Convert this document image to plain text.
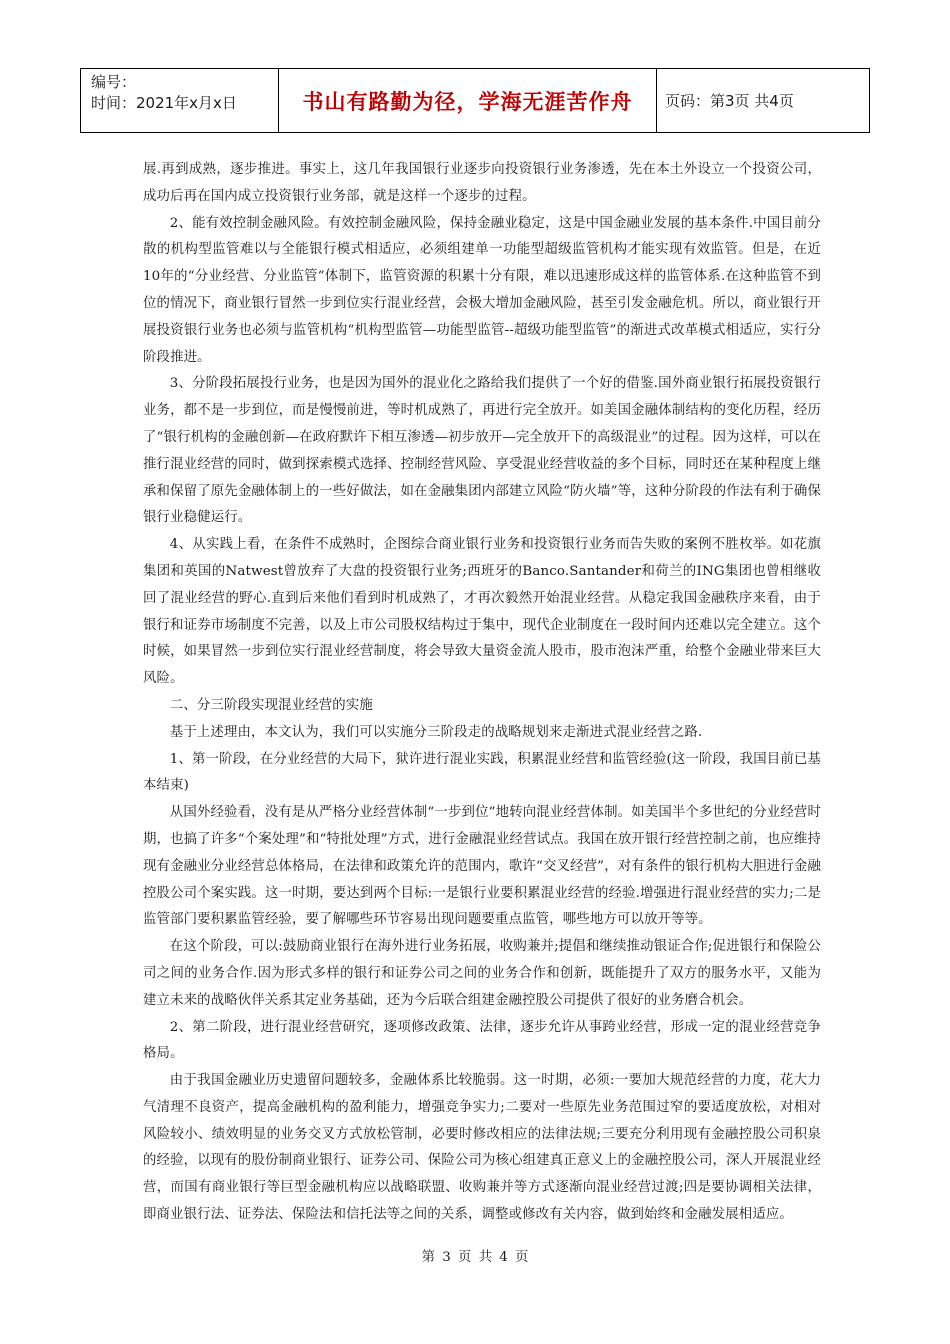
编号：
时间：2021年x月x日	书山有路勤为径，学海无涯苦作舟	页码：第3页 共4页

展.再到成熟，逐步推进。事实上，这几年我国银行业逐步向投资银行业务渗透，先在本土外设立一个投资公司，成功后再在国内成立投资银行业务部，就是这样一个逐步的过程。

2、能有效控制金融风险。有效控制金融风险，保持金融业稳定，这是中国金融业发展的基本条件.中国目前分散的机构型监管难以与全能银行模式相适应，必须组建单一功能型超级监管机构才能实现有效监管。但是，在近10年的“分业经营、分业监管”体制下，监管资源的积累十分有限，难以迅速形成这样的监管体系.在这种监管不到位的情况下，商业银行冒然一步到位实行混业经营，会极大增加金融风险，甚至引发金融危机。所以，商业银行开展投资银行业务也必须与监管机构“机构型监管—功能型监管--超级功能型监管”的渐进式改革模式相适应，实行分阶段推进。

3、分阶段拓展投行业务，也是因为国外的混业化之路给我们提供了一个好的借鉴.国外商业银行拓展投资银行业务，都不是一步到位，而是慢慢前进，等时机成熟了，再进行完全放开。如美国金融体制结构的变化历程，经历了“银行机构的金融创新—在政府默许下相互渗透—初步放开—完全放开下的高级混业”的过程。因为这样，可以在推行混业经营的同时，做到探索模式选择、控制经营风险、享受混业经营收益的多个目标，同时还在某种程度上继承和保留了原先金融体制上的一些好做法，如在金融集团内部建立风险“防火墙”等，这种分阶段的作法有利于确保银行业稳健运行。

4、从实践上看，在条件不成熟时，企图综合商业银行业务和投资银行业务而告失败的案例不胜枚举。如花旗集团和英国的Natwest曾放弃了大盘的投资银行业务;西班牙的Banco.Santander和荷兰的ING集团也曾相继收回了混业经营的野心.直到后来他们看到时机成熟了，才再次毅然开始混业经营。从稳定我国金融秩序来看，由于银行和证券市场制度不完善，以及上市公司股权结构过于集中，现代企业制度在一段时间内还难以完全建立。这个时候，如果冒然一步到位实行混业经营制度，将会导致大量资金流人股市，股市泡沫严重，给整个金融业带来巨大风险。

二、分三阶段实现混业经营的实施

基于上述理由，本文认为，我们可以实施分三阶段走的战略规划来走渐进式混业经营之路.

1、第一阶段，在分业经营的大局下，狱许进行混业实践，积累混业经营和监管经验(这一阶段，我国目前已基本结束)

从国外经验看，没有是从严格分业经营体制“一步到位”地转向混业经营体制。如美国半个多世纪的分业经营时期，也搞了许多“个案处理”和“特批处理”方式，进行金融混业经营试点。我国在放开银行经营控制之前，也应维持现有金融业分业经营总体格局，在法律和政策允许的范围内，歌许“交叉经营”，对有条件的银行机构大胆进行金融控股公司个案实践。这一时期，要达到两个目标:一是银行业要积累混业经营的经验.增强进行混业经营的实力;二是监管部门要积累监管经验，要了解哪些环节容易出现问题要重点监管，哪些地方可以放开等等。

在这个阶段，可以:鼓励商业银行在海外进行业务拓展，收购兼并;提倡和继续推动银证合作;促进银行和保险公司之间的业务合作.因为形式多样的银行和证券公司之间的业务合作和创新，既能提升了双方的服务水平，又能为建立未来的战略伙伴关系其定业务基础，还为今后联合组建金融控股公司提供了很好的业务磨合机会。

2、第二阶段，进行混业经营研究，逐项修改政策、法律，逐步允许从事跨业经营，形成一定的混业经营竞争格局。

由于我国金融业历史遗留问题较多，金融体系比较脆弱。这一时期，必须:一要加大规范经营的力度，花大力气清理不良资产，提高金融机构的盈利能力，增强竞争实力;二要对一些原先业务范围过窄的要适度放松，对相对风险较小、绩效明显的业务交叉方式放松管制，必要时修改相应的法律法规;三要充分利用现有金融控股公司积泉的经验，以现有的股份制商业银行、证券公司、保险公司为核心组建真正意义上的金融控股公司，深人开展混业经营，而国有商业银行等巨型金融机构应以战略联盟、收购兼并等方式逐渐向混业经营过渡;四是要协调相关法律，即商业银行法、证券法、保险法和信托法等之间的关系，调整或修改有关内容，做到始终和金融发展相适应。

第 3 页 共 4 页
